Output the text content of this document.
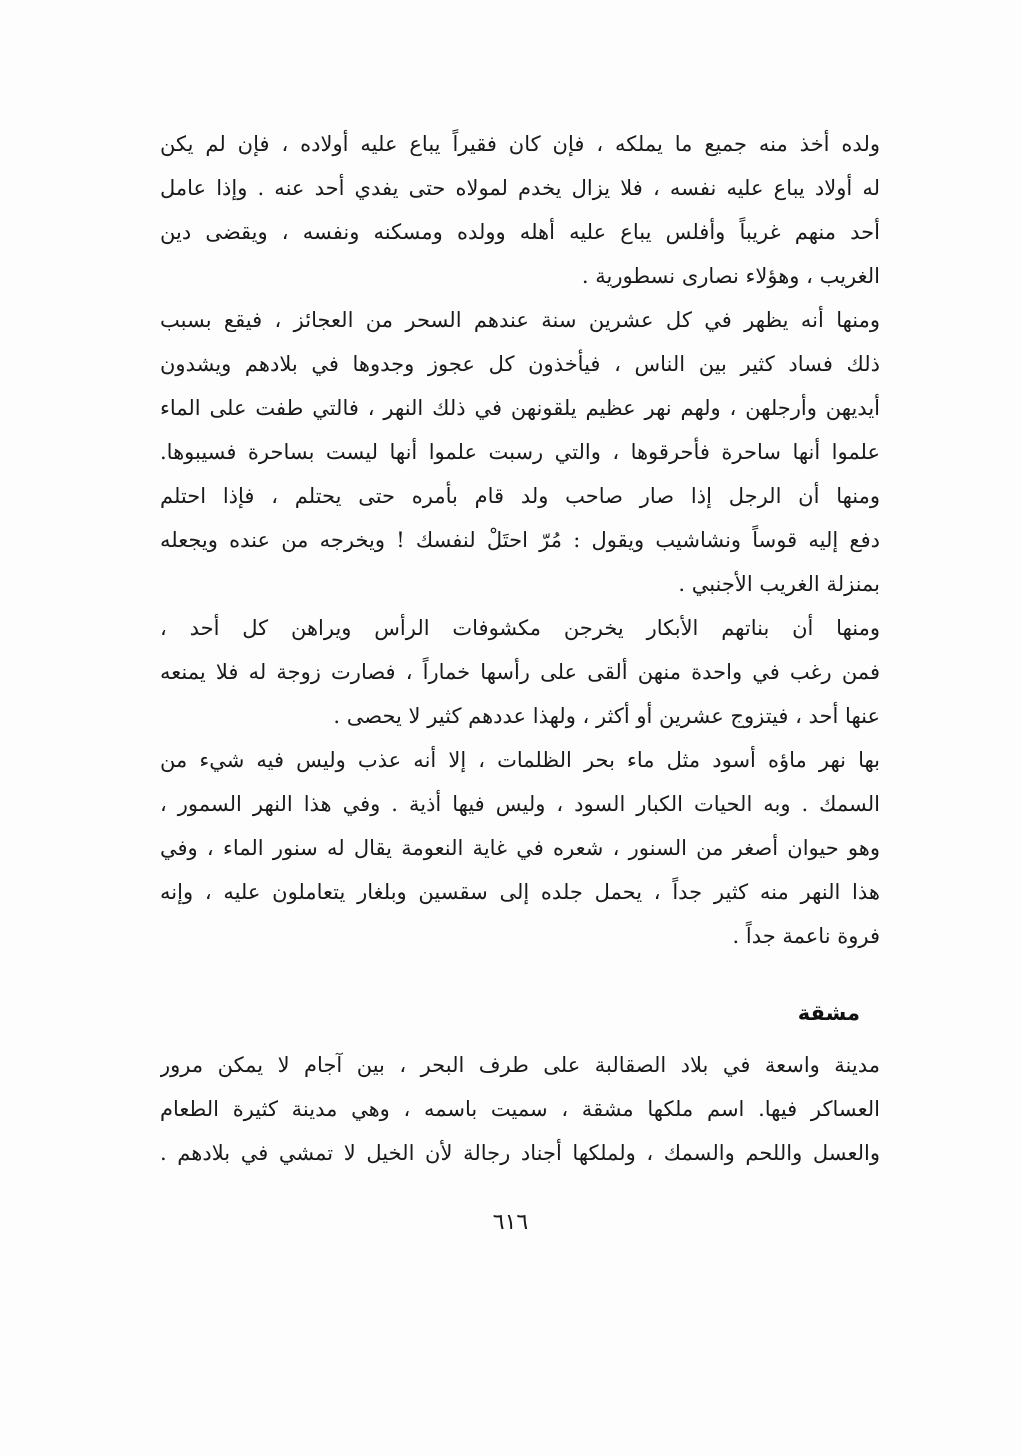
ولده أخذ منه جميع ما يملكه ، فإن كان فقيراً يباع عليه أولاده ، فإن لم يكن
له أولاد يباع عليه نفسه ، فلا يزال يخدم لمولاه حتى يفدي أحد عنه . وإذا عامل
أحد منهم غريباً وأفلس يباع عليه أهله وولده ومسكنه ونفسه ، ويقضى دين
الغريب ، وهؤلاء نصارى نسطورية .
ومنها أنه يظهر في كل عشرين سنة عندهم السحر من العجائز ، فيقع بسبب
ذلك فساد كثير بين الناس ، فيأخذون كل عجوز وجدوها في بلادهم ويشدون
أيديهن وأرجلهن ، ولهم نهر عظيم يلقونهن في ذلك النهر ، فالتي طفت على الماء
علموا أنها ساحرة فأحرقوها ، والتي رسبت علموا أنها ليست بساحرة فسيبوها.
ومنها أن الرجل إذا صار صاحب ولد قام بأمره حتى يحتلم ، فإذا احتلم
دفع إليه قوساً ونشاشيب ويقول : مُرّ احتَلْ لنفسك ! ويخرجه من عنده ويجعله
بمنزلة الغريب الأجنبي .
ومنها أن بناتهم الأبكار يخرجن مكشوفات الرأس ويراهن كل أحد ،
فمن رغب في واحدة منهن ألقى على رأسها خماراً ، فصارت زوجة له فلا يمنعه
عنها أحد ، فيتزوج عشرين أو أكثر ، ولهذا عددهم كثير لا يحصى .
بها نهر ماؤه أسود مثل ماء بحر الظلمات ، إلا أنه عذب وليس فيه شيء من
السمك . وبه الحيات الكبار السود ، وليس فيها أذية . وفي هذا النهر السمور ،
وهو حيوان أصغر من السنور ، شعره في غاية النعومة يقال له سنور الماء ، وفي
هذا النهر منه كثير جداً ، يحمل جلده إلى سقسين وبلغار يتعاملون عليه ، وإنه
فروة ناعمة جداً .
مشقة
مدينة واسعة في بلاد الصقالبة على طرف البحر ، بين آجام لا يمكن مرور
العساكر فيها. اسم ملكها مشقة ، سميت باسمه ، وهي مدينة كثيرة الطعام
والعسل واللحم والسمك ، ولملكها أجناد رجالة لأن الخيل لا تمشي في بلادهم .
٦١٦
